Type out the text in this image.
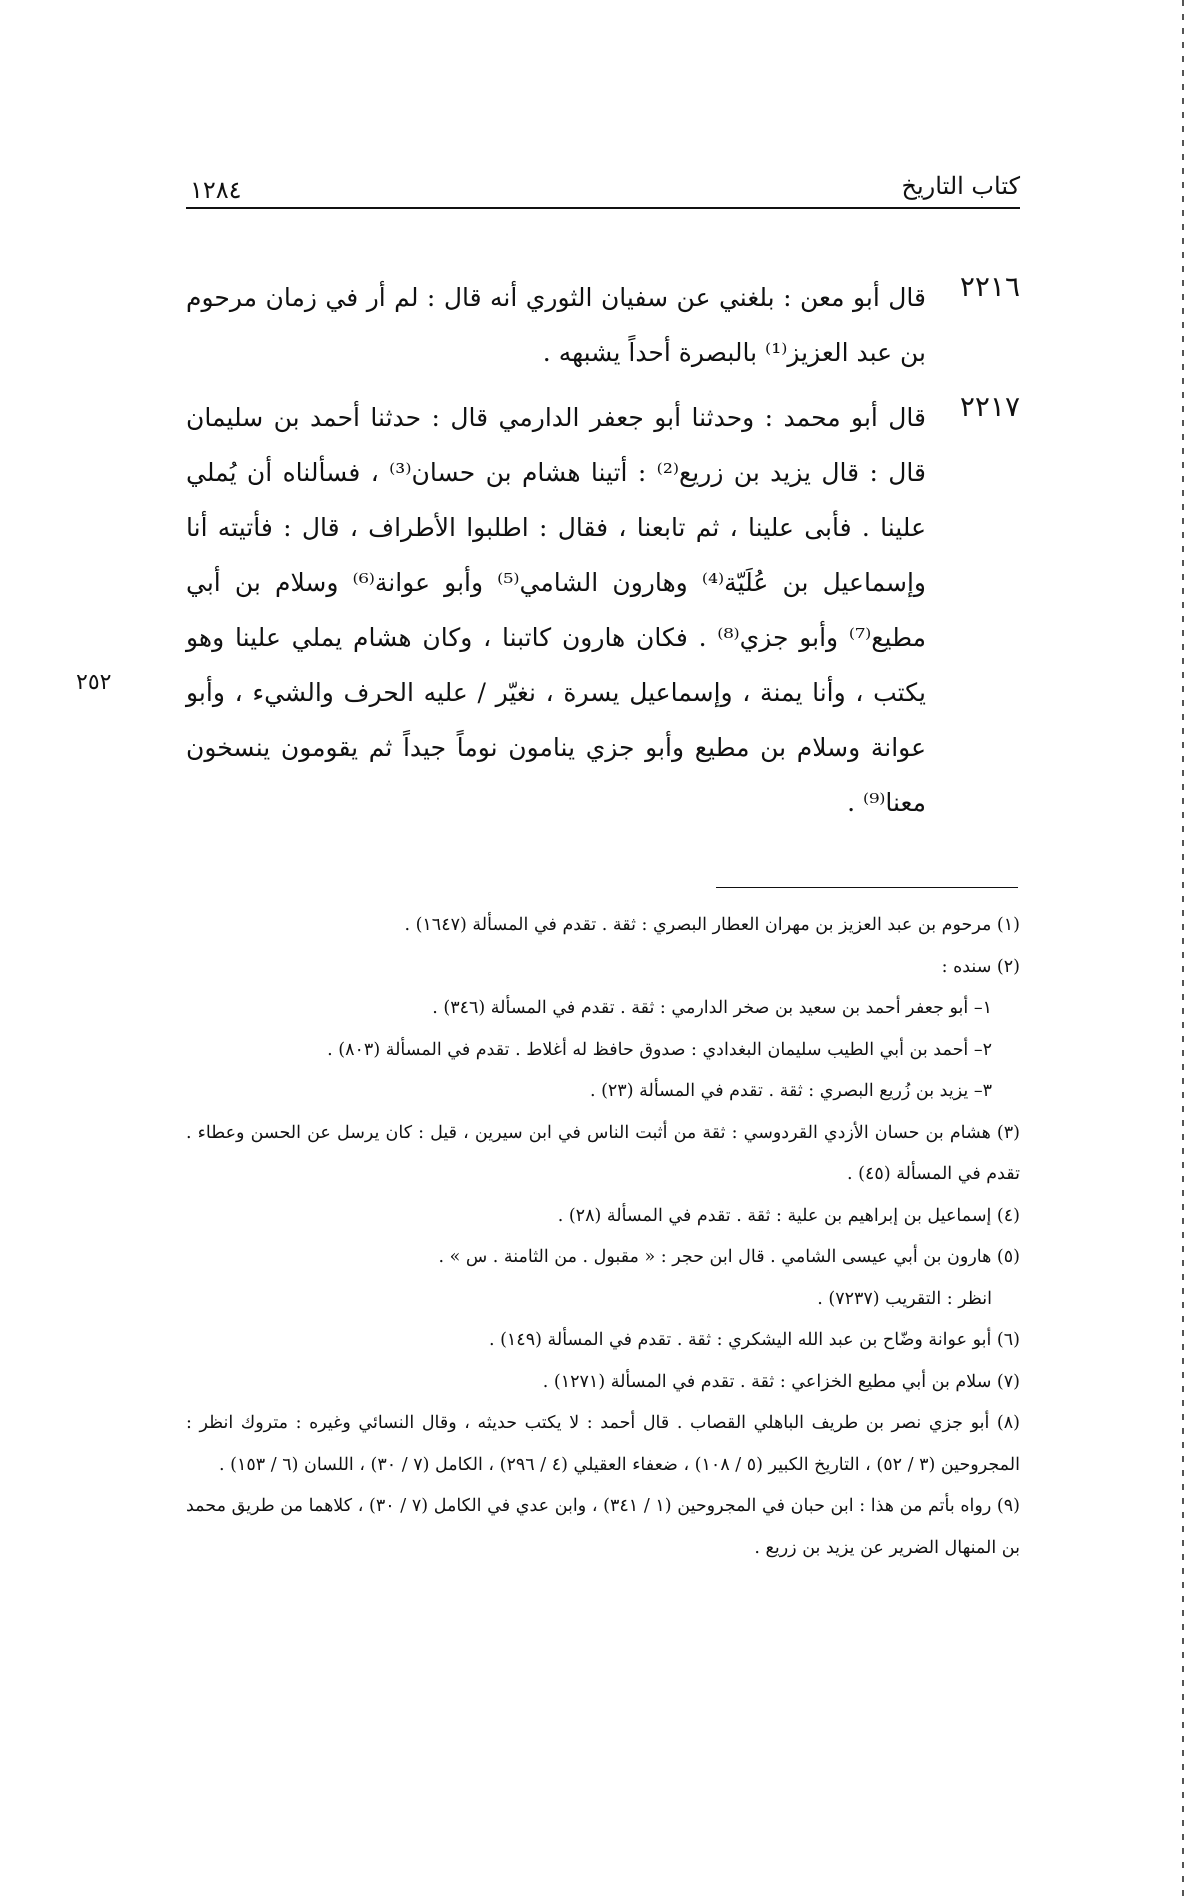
كتاب التاريخ
١٢٨٤
٢٥٢
٢٢١٦
قال أبو معن : بلغني عن سفيان الثوري أنه قال : لم أر في زمان مرحوم بن عبد العزيز⁽¹⁾ بالبصرة أحداً يشبهه .
٢٢١٧
قال أبو محمد : وحدثنا أبو جعفر الدارمي قال : حدثنا أحمد بن سليمان قال : قال يزيد بن زريع⁽²⁾ : أتينا هشام بن حسان⁽³⁾ ، فسألناه أن يُملي علينا . فأبى علينا ، ثم تابعنا ، فقال : اطلبوا الأطراف ، قال : فأتيته أنا وإسماعيل بن عُلَيّة⁽⁴⁾ وهارون الشامي⁽⁵⁾ وأبو عوانة⁽⁶⁾ وسلام بن أبي مطيع⁽⁷⁾ وأبو جزي⁽⁸⁾ . فكان هارون كاتبنا ، وكان هشام يملي علينا وهو يكتب ، وأنا يمنة ، وإسماعيل يسرة ، نغيّر / عليه الحرف والشيء ، وأبو عوانة وسلام بن مطيع وأبو جزي ينامون نوماً جيداً ثم يقومون ينسخون معنا⁽⁹⁾ .

(١) مرحوم بن عبد العزيز بن مهران العطار البصري : ثقة . تقدم في المسألة (١٦٤٧) .

(٢) سنده :

١– أبو جعفر أحمد بن سعيد بن صخر الدارمي : ثقة . تقدم في المسألة (٣٤٦) .

٢– أحمد بن أبي الطيب سليمان البغدادي : صدوق حافظ له أغلاط . تقدم في المسألة (٨٠٣) .

٣– يزيد بن زُريع البصري : ثقة . تقدم في المسألة (٢٣) .

(٣) هشام بن حسان الأزدي القردوسي : ثقة من أثبت الناس في ابن سيرين ، قيل : كان يرسل عن الحسن وعطاء . تقدم في المسألة (٤٥) .

(٤) إسماعيل بن إبراهيم بن علية : ثقة . تقدم في المسألة (٢٨) .

(٥) هارون بن أبي عيسى الشامي . قال ابن حجر : « مقبول . من الثامنة . س » .

انظر : التقريب (٧٢٣٧) .

(٦) أبو عوانة وضّاح بن عبد الله اليشكري : ثقة . تقدم في المسألة (١٤٩) .

(٧) سلام بن أبي مطيع الخزاعي : ثقة . تقدم في المسألة (١٢٧١) .

(٨) أبو جزي نصر بن طريف الباهلي القصاب . قال أحمد : لا يكتب حديثه ، وقال النسائي وغيره : متروك انظر : المجروحين (٣ / ٥٢) ، التاريخ الكبير (٥ / ١٠٨) ، ضعفاء العقيلي (٤ / ٢٩٦) ، الكامل (٧ / ٣٠) ، اللسان (٦ / ١٥٣) .

(٩) رواه بأتم من هذا : ابن حبان في المجروحين (١ / ٣٤١) ، وابن عدي في الكامل (٧ / ٣٠) ، كلاهما من طريق محمد بن المنهال الضرير عن يزيد بن زريع .
